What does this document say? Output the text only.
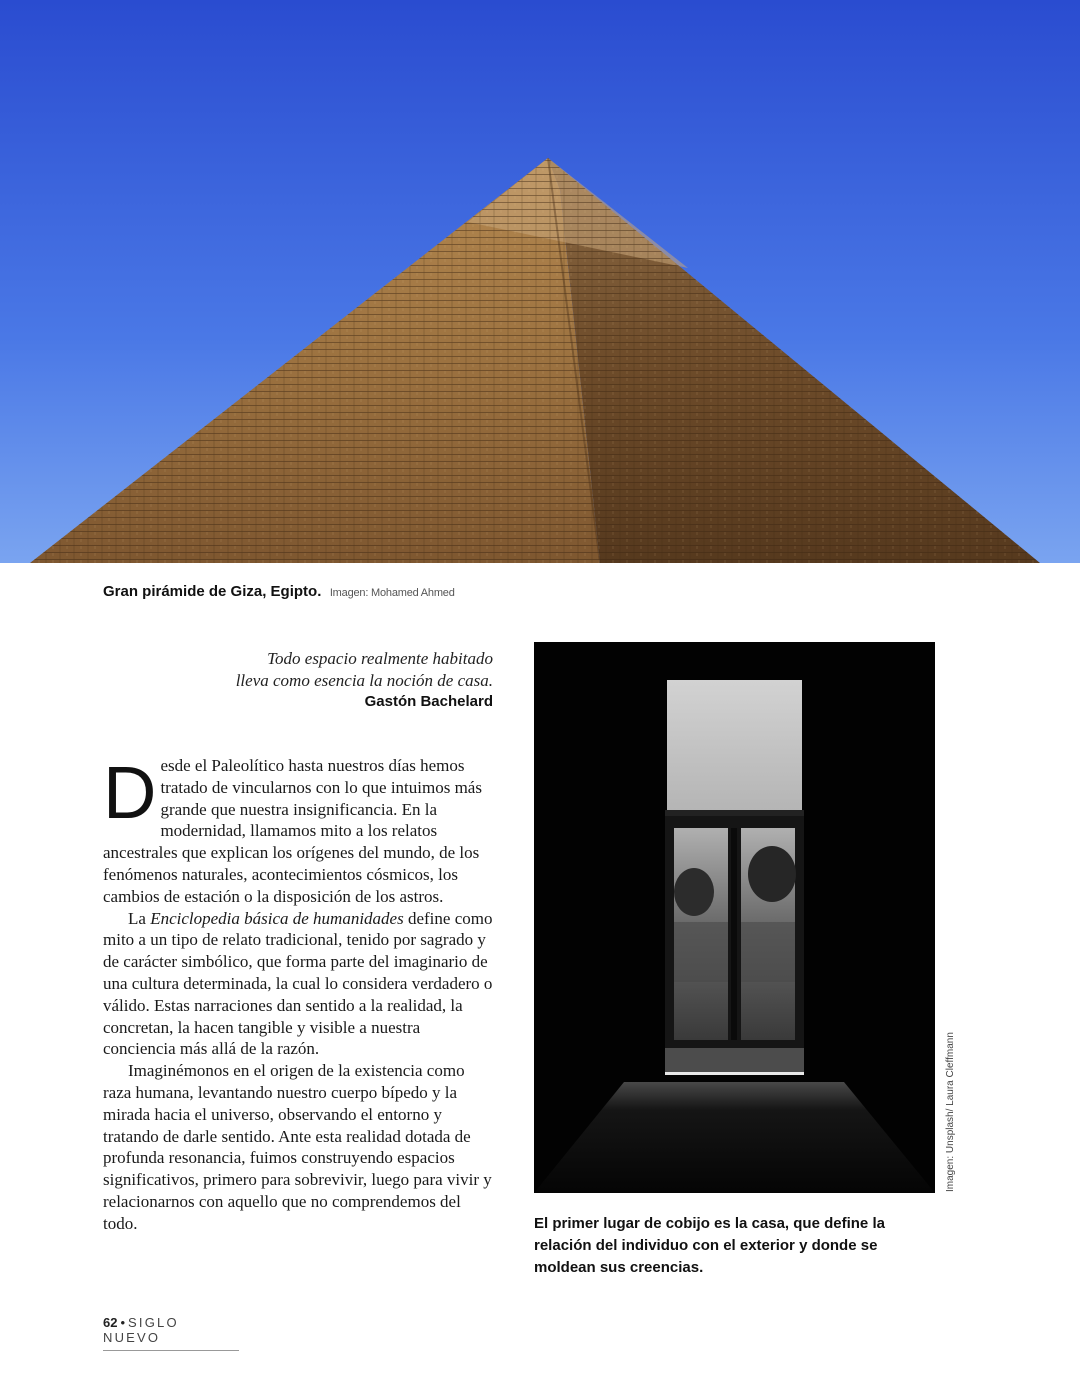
Gran pirámide de Giza, Egipto. Imagen: Mohamed Ahmed
Todo espacio realmente habitado
lleva como esencia la noción de casa.
Gastón Bachelard

Desde el Paleolítico hasta nuestros días hemos tratado de vincularnos con lo que intuimos más grande que nuestra insignificancia. En la modernidad, llamamos mito a los relatos ancestrales que explican los orígenes del mundo, de los fenómenos naturales, acontecimientos cósmicos, los cambios de estación o la disposición de los astros.

La Enciclopedia básica de humanidades define como mito a un tipo de relato tradicional, tenido por sagrado y de carácter simbólico, que forma parte del imaginario de una cultura determinada, la cual lo considera verdadero o válido. Estas narraciones dan sentido a la realidad, la concretan, la hacen tangible y visible a nuestra conciencia más allá de la razón.

Imaginémonos en el origen de la existencia como raza humana, levantando nuestro cuerpo bípedo y la mirada hacia el universo, observando el entorno y tratando de darle sentido. Ante esta realidad dotada de profunda resonancia, fuimos construyendo espacios significativos, primero para sobrevivir, luego para vivir y relacionarnos con aquello que no comprendemos del todo.

Imagen: Unsplash/ Laura Cleffmann
El primer lugar de cobijo es la casa, que define la relación del individuo con el exterior y donde se moldean sus creencias.
62 • SIGLO NUEVO
